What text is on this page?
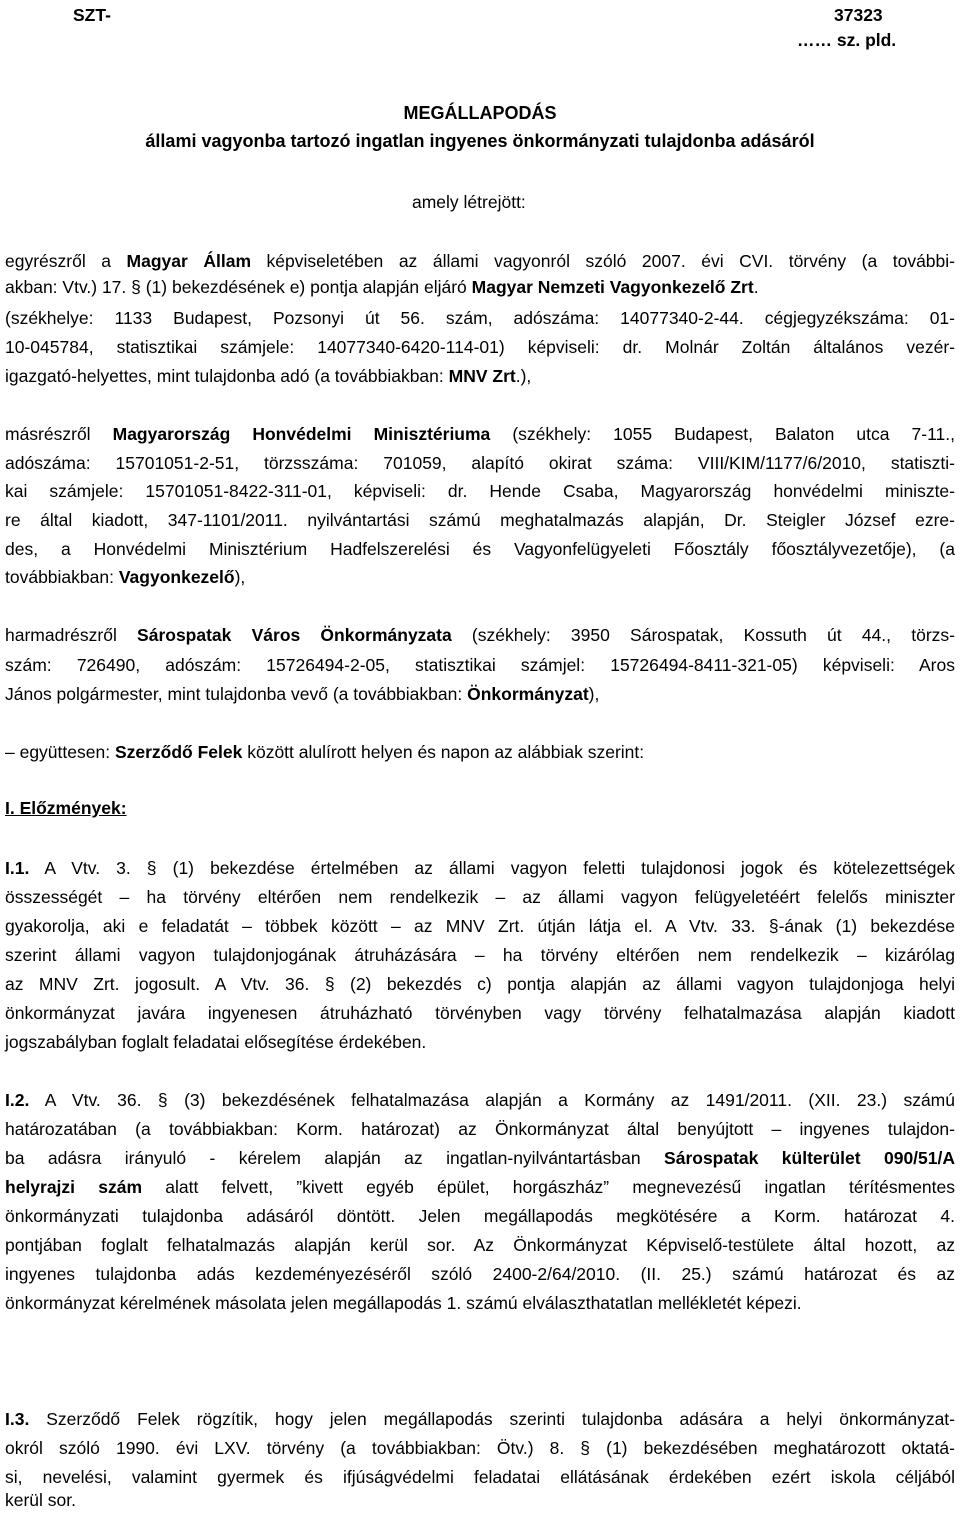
SZT-	37323
…… sz. pld.
MEGÁLLAPODÁS
állami vagyonba tartozó ingatlan ingyenes önkormányzati tulajdonba adásáról
amely létrejött:
egyrészről a Magyar Állam képviseletében az állami vagyonról szóló 2007. évi CVI. törvény (a további-
akban: Vtv.) 17. § (1) bekezdésének e) pontja alapján eljáró Magyar Nemzeti Vagyonkezelő Zrt.
(székhelye: 1133 Budapest, Pozsonyi út 56. szám, adószáma: 14077340-2-44. cégjegyzékszáma: 01-
10-045784, statisztikai számjele: 14077340-6420-114-01) képviseli: dr. Molnár Zoltán általános vezér-
igazgató-helyettes, mint tulajdonba adó (a továbbiakban: MNV Zrt.),
másrészről Magyarország Honvédelmi Minisztériuma (székhely: 1055 Budapest, Balaton utca 7-11.,
adószáma: 15701051-2-51, törzsszáma: 701059, alapító okirat száma: VIII/KIM/1177/6/2010, statiszti-
kai számjele: 15701051-8422-311-01, képviseli: dr. Hende Csaba, Magyarország honvédelmi miniszte-
re által kiadott, 347-1101/2011. nyilvántartási számú meghatalmazás alapján, Dr. Steigler József ezre-
des, a Honvédelmi Minisztérium Hadfelszerelési és Vagyonfelügyeleti Főosztály főosztályvezetője), (a
továbbiakban: Vagyonkezelő),
harmadrészről Sárospatak Város Önkormányzata (székhely: 3950 Sárospatak, Kossuth út 44., törzs-
szám: 726490, adószám: 15726494-2-05, statisztikai számjel: 15726494-8411-321-05) képviseli: Aros
János polgármester, mint tulajdonba vevő (a továbbiakban: Önkormányzat),
– együttesen: Szerződő Felek között alulírott helyen és napon az alábbiak szerint:
I. Előzmények:
I.1. A Vtv. 3. § (1) bekezdése értelmében az állami vagyon feletti tulajdonosi jogok és kötelezettségek
összességét – ha törvény eltérően nem rendelkezik – az állami vagyon felügyeletéért felelős miniszter
gyakorolja, aki e feladatát – többek között – az MNV Zrt. útján látja el. A Vtv. 33. §-ának (1) bekezdése
szerint állami vagyon tulajdonjogának átruházására – ha törvény eltérően nem rendelkezik – kizárólag
az MNV Zrt. jogosult. A Vtv. 36. § (2) bekezdés c) pontja alapján az állami vagyon tulajdonjoga helyi
önkormányzat javára ingyenesen átruházható törvényben vagy törvény felhatalmazása alapján kiadott
jogszabályban foglalt feladatai elősegítése érdekében.
I.2. A Vtv. 36. § (3) bekezdésének felhatalmazása alapján a Kormány az 1491/2011. (XII. 23.) számú
határozatában (a továbbiakban: Korm. határozat) az Önkormányzat által benyújtott – ingyenes tulajdon-
ba adásra irányuló - kérelem alapján az ingatlan-nyilvántartásban Sárospatak külterület 090/51/A
helyrajzi szám alatt felvett, ”kivett egyéb épület, horgászház” megnevezésű ingatlan térítésmentes
önkormányzati tulajdonba adásáról döntött. Jelen megállapodás megkötésére a Korm. határozat 4.
pontjában foglalt felhatalmazás alapján kerül sor. Az Önkormányzat Képviselő-testülete által hozott, az
ingyenes tulajdonba adás kezdeményezéséről szóló 2400-2/64/2010. (II. 25.) számú határozat és az
önkormányzat kérelmének másolata jelen megállapodás 1. számú elválaszthatatlan mellékletét képezi.
I.3. Szerződő Felek rögzítik, hogy jelen megállapodás szerinti tulajdonba adására a helyi önkormányzat-
okról szóló 1990. évi LXV. törvény (a továbbiakban: Ötv.) 8. § (1) bekezdésében meghatározott oktatá-
si, nevelési, valamint gyermek és ifjúságvédelmi feladatai ellátásának érdekében ezért iskola céljából
kerül sor.
